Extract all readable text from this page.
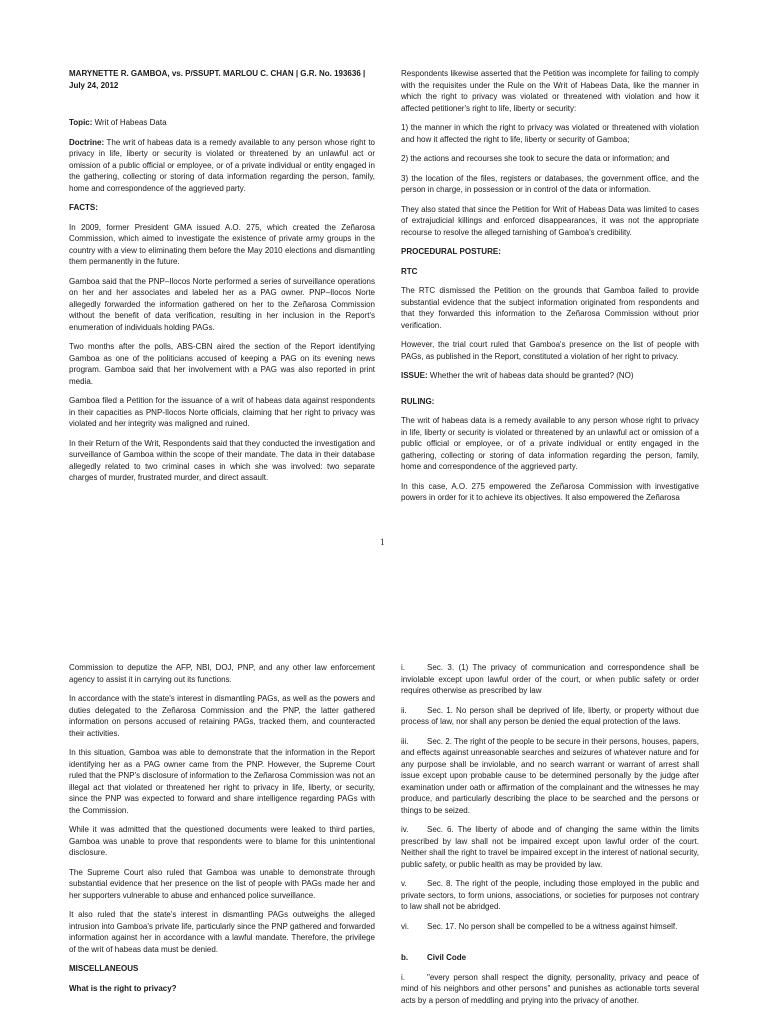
MARYNETTE R. GAMBOA, vs. P/SSUPT. MARLOU C. CHAN | G.R. No. 193636 | July 24, 2012

Topic: Writ of Habeas Data

Doctrine: The writ of habeas data is a remedy available to any person whose right to privacy in life, liberty or security is violated or threatened by an unlawful act or omission of a public official or employee, or of a private individual or entity engaged in the gathering, collecting or storing of data information regarding the person, family, home and correspondence of the aggrieved party.

FACTS:

In 2009, former President GMA issued A.O. 275, which created the Zeñarosa Commission, which aimed to investigate the existence of private army groups in the country with a view to eliminating them before the May 2010 elections and dismantling them permanently in the future.

Gamboa said that the PNP–Ilocos Norte performed a series of surveillance operations on her and her associates and labeled her as a PAG owner. PNP–Ilocos Norte allegedly forwarded the information gathered on her to the Zeñarosa Commission without the benefit of data verification, resulting in her inclusion in the Report's enumeration of individuals holding PAGs.

Two months after the polls, ABS-CBN aired the section of the Report identifying Gamboa as one of the politicians accused of keeping a PAG on its evening news program. Gamboa said that her involvement with a PAG was also reported in print media.

Gamboa filed a Petition for the issuance of a writ of habeas data against respondents in their capacities as PNP-Ilocos Norte officials, claiming that her right to privacy was violated and her integrity was maligned and ruined.

In their Return of the Writ, Respondents said that they conducted the investigation and surveillance of Gamboa within the scope of their mandate. The data in their database allegedly related to two criminal cases in which she was involved: two separate charges of murder, frustrated murder, and direct assault.

Respondents likewise asserted that the Petition was incomplete for failing to comply with the requisites under the Rule on the Writ of Habeas Data, like the manner in which the right to privacy was violated or threatened with violation and how it affected petitioner's right to life, liberty or security:

1) the manner in which the right to privacy was violated or threatened with violation and how it affected the right to life, liberty or security of Gamboa;

2) the actions and recourses she took to secure the data or information; and

3) the location of the files, registers or databases, the government office, and the person in charge, in possession or in control of the data or information.

They also stated that since the Petition for Writ of Habeas Data was limited to cases of extrajudicial killings and enforced disappearances, it was not the appropriate recourse to resolve the alleged tarnishing of Gamboa's credibility.

PROCEDURAL POSTURE:

RTC

The RTC dismissed the Petition on the grounds that Gamboa failed to provide substantial evidence that the subject information originated from respondents and that they forwarded this information to the Zeñarosa Commission without prior verification.

However, the trial court ruled that Gamboa's presence on the list of people with PAGs, as published in the Report, constituted a violation of her right to privacy.

ISSUE: Whether the writ of habeas data should be granted? (NO)

RULING:

The writ of habeas data is a remedy available to any person whose right to privacy in life, liberty or security is violated or threatened by an unlawful act or omission of a public official or employee, or of a private individual or entity engaged in the gathering, collecting or storing of data information regarding the person, family, home and correspondence of the aggrieved party.

In this case, A.O. 275 empowered the Zeñarosa Commission with investigative powers in order for it to achieve its objectives. It also empowered the Zeñarosa

1

Commission to deputize the AFP, NBI, DOJ, PNP, and any other law enforcement agency to assist it in carrying out its functions.

In accordance with the state's interest in dismantling PAGs, as well as the powers and duties delegated to the Zeñarosa Commission and the PNP, the latter gathered information on persons accused of retaining PAGs, tracked them, and counteracted their activities.

In this situation, Gamboa was able to demonstrate that the information in the Report identifying her as a PAG owner came from the PNP. However, the Supreme Court ruled that the PNP's disclosure of information to the Zeñarosa Commission was not an illegal act that violated or threatened her right to privacy in life, liberty, or security, since the PNP was expected to forward and share intelligence regarding PAGs with the Commission.

While it was admitted that the questioned documents were leaked to third parties, Gamboa was unable to prove that respondents were to blame for this unintentional disclosure.

The Supreme Court also ruled that Gamboa was unable to demonstrate through substantial evidence that her presence on the list of people with PAGs made her and her supporters vulnerable to abuse and enhanced police surveillance.

It also ruled that the state's interest in dismantling PAGs outweighs the alleged intrusion into Gamboa's private life, particularly since the PNP gathered and forwarded information against her in accordance with a lawful mandate. Therefore, the privilege of the writ of habeas data must be denied.

MISCELLANEOUS

What is the right to privacy?

i.	Sec. 3. (1) The privacy of communication and correspondence shall be inviolable except upon lawful order of the court, or when public safety or order requires otherwise as prescribed by law

ii.	Sec. 1. No person shall be deprived of life, liberty, or property without due process of law, nor shall any person be denied the equal protection of the laws.

iii. Sec. 2. The right of the people to be secure in their persons, houses, papers, and effects against unreasonable searches and seizures of whatever nature and for any purpose shall be inviolable, and no search warrant or warrant of arrest shall issue except upon probable cause to be determined personally by the judge after examination under oath or affirmation of the complainant and the witnesses he may produce, and particularly describing the place to be searched and the persons or things to be seized.

iv. Sec. 6. The liberty of abode and of changing the same within the limits prescribed by law shall not be impaired except upon lawful order of the court. Neither shall the right to travel be impaired except in the interest of national security, public safety, or public health as may be provided by law.

v.	Sec. 8. The right of the people, including those employed in the public and private sectors, to form unions, associations, or societies for purposes not contrary to law shall not be abridged.

vi. Sec. 17. No person shall be compelled to be a witness against himself.

b. Civil Code

i.	"every person shall respect the dignity, personality, privacy and peace of mind of his neighbors and other persons" and punishes as actionable torts several acts by a person of meddling and prying into the privacy of another.
